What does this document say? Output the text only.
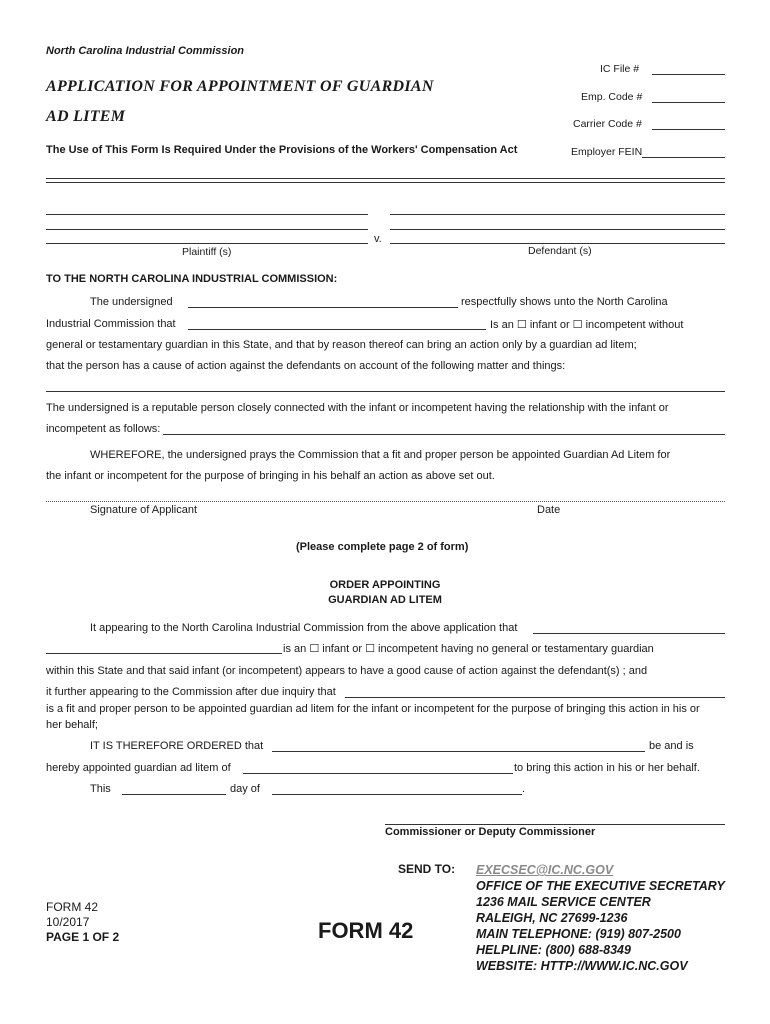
North Carolina Industrial Commission
APPLICATION FOR APPOINTMENT OF GUARDIAN
AD LITEM
The Use of This Form Is Required Under the Provisions of the Workers' Compensation Act
IC File #
Emp. Code #
Carrier Code #
Employer FEIN
v.
Plaintiff (s)	Defendant (s)
TO THE NORTH CAROLINA INDUSTRIAL COMMISSION:
The undersigned	respectfully shows unto the North Carolina
Industrial Commission that	Is an ☐ infant or ☐ incompetent without
general or testamentary guardian in this State, and that by reason thereof can bring an action only by a guardian ad litem;
that the person has a cause of action against the defendants on account of the following matter and things:
The undersigned is a reputable person closely connected with the infant or incompetent having the relationship with the infant or
incompetent as follows:
WHEREFORE, the undersigned prays the Commission that a fit and proper person be appointed Guardian Ad Litem for
the infant or incompetent for the purpose of bringing in his behalf an action as above set out.
Signature of Applicant	Date
(Please complete page 2 of form)
ORDER APPOINTING
GUARDIAN AD LITEM
It appearing to the North Carolina Industrial Commission from the above application that
is an ☐ infant or ☐ incompetent having no general or testamentary guardian
within this State and that said infant (or incompetent) appears to have a good cause of action against the defendant(s) ; and
it further appearing to the Commission after due inquiry that
is a fit and proper person to be appointed guardian ad litem for the infant or incompetent for the purpose of bringing this action in his or
her behalf;
IT IS THEREFORE ORDERED that	be and is
hereby appointed guardian ad litem of	to bring this action in his or her behalf.
This	day of	.
Commissioner or Deputy Commissioner
SEND TO: EXECSEC@IC.NC.GOV
OFFICE OF THE EXECUTIVE SECRETARY
1236 MAIL SERVICE CENTER
RALEIGH, NC 27699-1236
MAIN TELEPHONE: (919) 807-2500
HELPLINE: (800) 688-8349
WEBSITE: HTTP://WWW.IC.NC.GOV
FORM 42
10/2017
PAGE 1 OF 2	FORM 42
